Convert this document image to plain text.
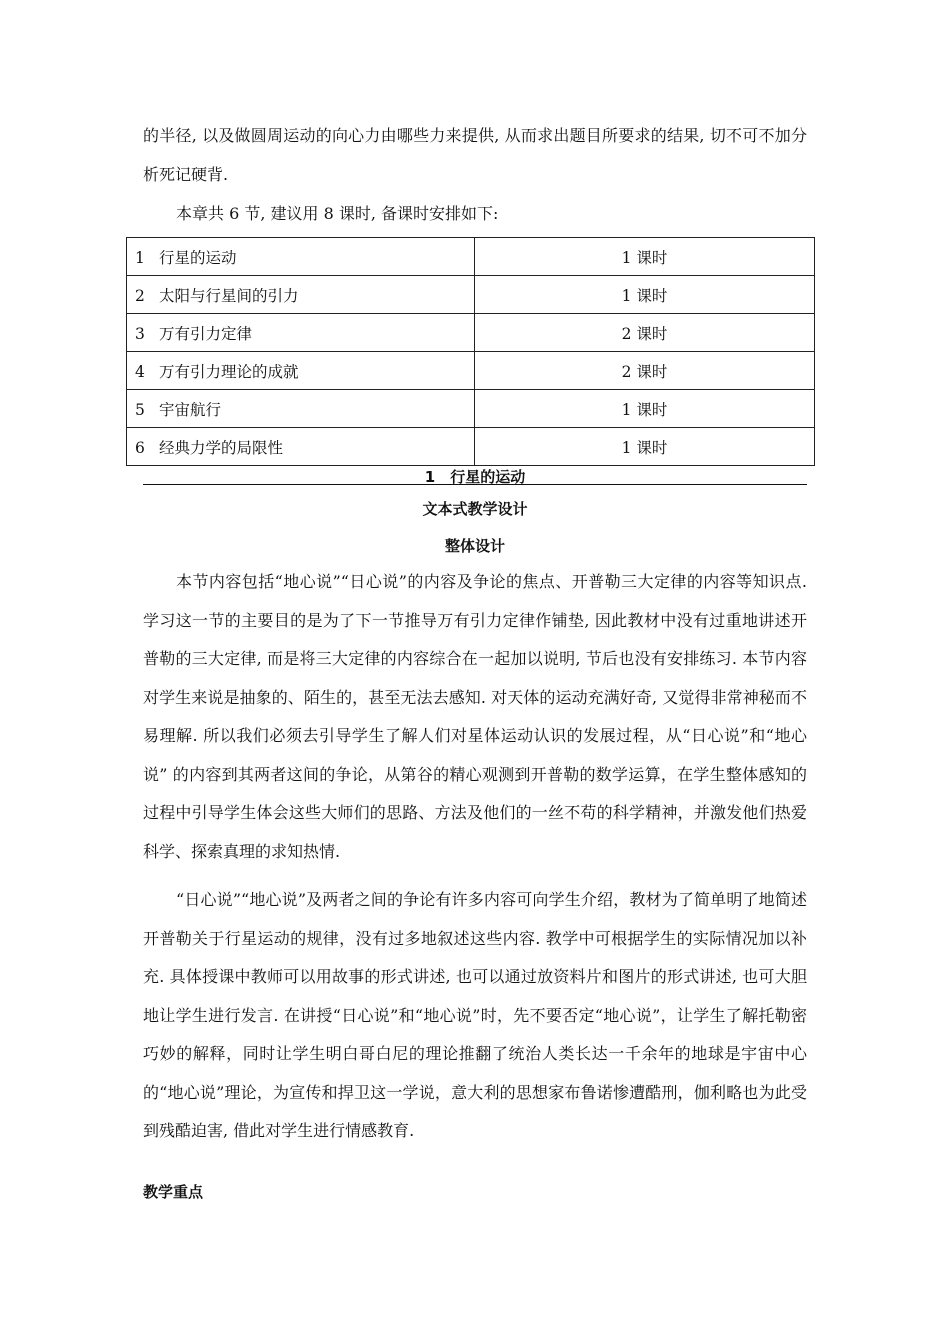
的半径, 以及做圆周运动的向心力由哪些力来提供, 从而求出题目所要求的结果, 切不可不加分析死记硬背.

本章共 6 节, 建议用 8 课时, 备课时安排如下:

1 行星的运动	1 课时
2 太阳与行星间的引力	1 课时
3 万有引力定律	2 课时
4 万有引力理论的成就	2 课时
5 宇宙航行	1 课时
6 经典力学的局限性	1 课时
1　行星的运动
文本式教学设计
整体设计

本节内容包括“地心说”“日心说”的内容及争论的焦点、开普勒三大定律的内容等知识点. 学习这一节的主要目的是为了下一节推导万有引力定律作铺垫, 因此教材中没有过重地讲述开普勒的三大定律, 而是将三大定律的内容综合在一起加以说明, 节后也没有安排练习. 本节内容对学生来说是抽象的、陌生的，甚至无法去感知. 对天体的运动充满好奇, 又觉得非常神秘而不易理解. 所以我们必须去引导学生了解人们对星体运动认识的发展过程，从“日心说”和“地心说” 的内容到其两者这间的争论，从第谷的精心观测到开普勒的数学运算，在学生整体感知的过程中引导学生体会这些大师们的思路、方法及他们的一丝不苟的科学精神，并激发他们热爱科学、探索真理的求知热情.

“日心说”“地心说”及两者之间的争论有许多内容可向学生介绍，教材为了简单明了地简述开普勒关于行星运动的规律，没有过多地叙述这些内容. 教学中可根据学生的实际情况加以补充. 具体授课中教师可以用故事的形式讲述, 也可以通过放资料片和图片的形式讲述, 也可大胆地让学生进行发言. 在讲授“日心说”和“地心说”时，先不要否定“地心说”，让学生了解托勒密巧妙的解释，同时让学生明白哥白尼的理论推翻了统治人类长达一千余年的地球是宇宙中心的“地心说”理论，为宣传和捍卫这一学说，意大利的思想家布鲁诺惨遭酷刑，伽利略也为此受到残酷迫害, 借此对学生进行情感教育.

教学重点
